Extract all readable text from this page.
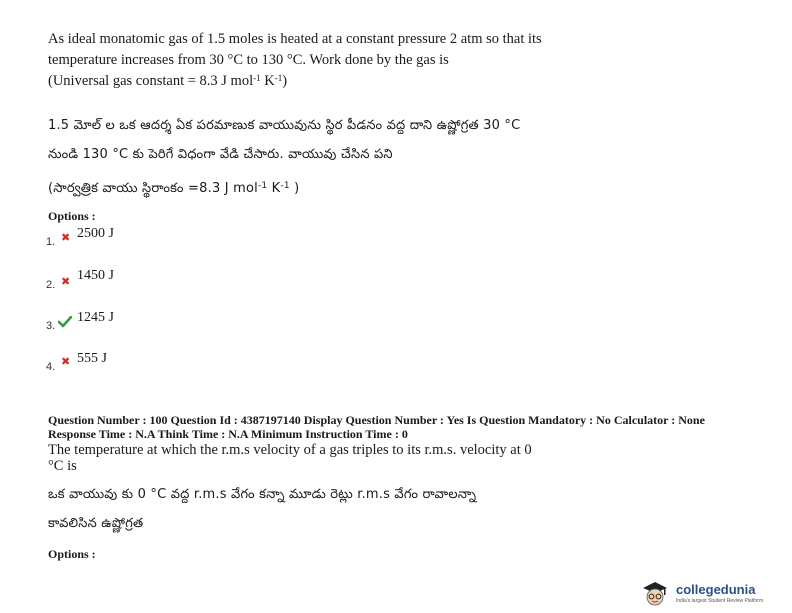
As ideal monatomic gas of 1.5 moles is heated at a constant pressure 2 atm so that its
temperature increases from 30 °C to 130 °C. Work done by the gas is
(Universal gas constant = 8.3 J mol$^{-1}$ $K^{-1}$)
1.5 మోల్ ల ఒక ఆదర్శ ఏక పరమాణుక వాయువును స్థిర పీడనం వద్ద దాని ఉష్ణోగ్రత 30 °C
నుండి 130 °C కు పెరిగే విధంగా వేడి చేసారు. వాయువు చేసిన పని
(సార్వత్రిక వాయు స్థిరాంకం =8.3 J mol$^{-1}$ $K^{-1}$ )
Options :
1. ✖ 2500 J
2. ✖ 1450 J
3.
1245 J
4. ✖ 555 J
Question Number : 100 Question Id : 4387197140 Display Question Number : Yes Is Question Mandatory : No Calculator : None
Response Time : N.A Think Time : N.A Minimum Instruction Time : 0
The temperature at which the r.m.s velocity of a gas triples to its r.m.s. velocity at 0
°C is
ఒక వాయువు కు 0 °C వద్ద r.m.s వేగం కన్నా మూడు రెట్లు r.m.s వేగం రావాలన్నా
కావలిసిన ఉష్ణోగ్రత
Options :
collegedunia
India's largest Student Review Platform
